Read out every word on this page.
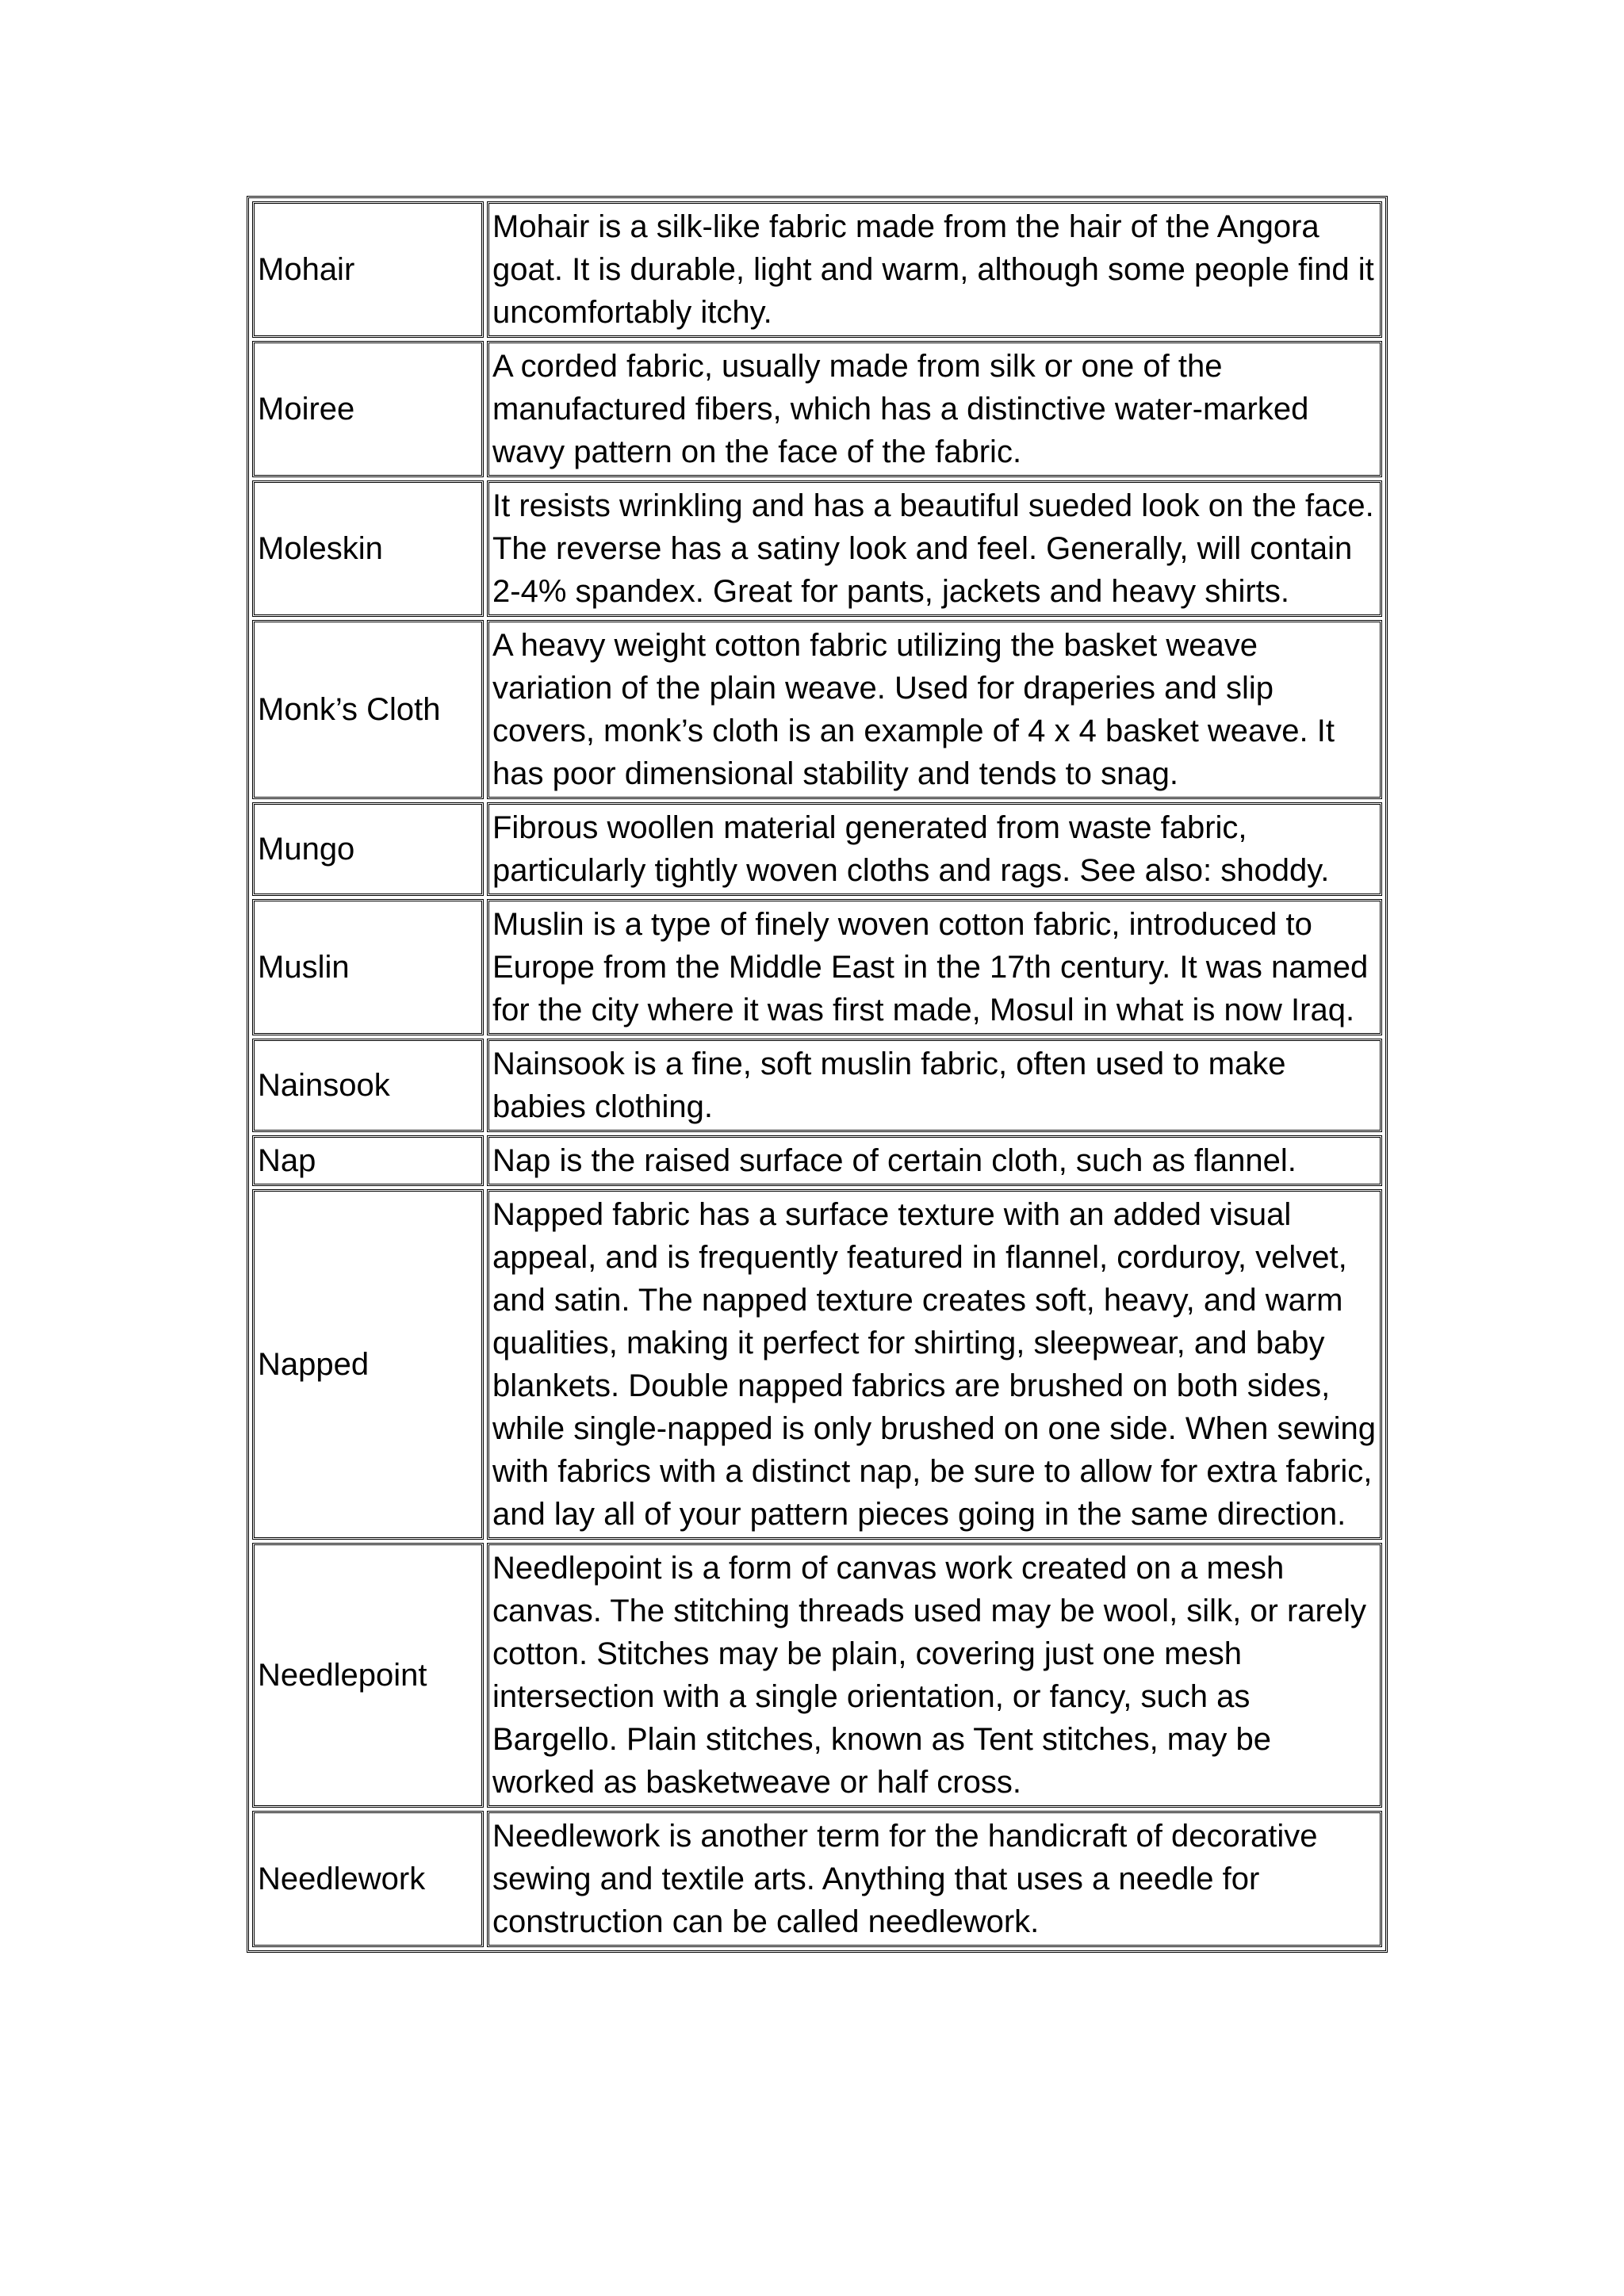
Mohair	Mohair is a silk-like fabric made from the hair of the Angora goat. It is durable, light and warm, although some people find it uncomfortably itchy.
Moiree	A corded fabric, usually made from silk or one of the manufactured fibers, which has a distinctive water-marked wavy pattern on the face of the fabric.
Moleskin	It resists wrinkling and has a beautiful sueded look on the face. The reverse has a satiny look and feel. Generally, will contain 2-4% spandex. Great for pants, jackets and heavy shirts.
Monk’s Cloth	A heavy weight cotton fabric utilizing the basket weave variation of the plain weave. Used for draperies and slip covers, monk’s cloth is an example of 4 x 4 basket weave. It has poor dimensional stability and tends to snag.
Mungo	Fibrous woollen material generated from waste fabric, particularly tightly woven cloths and rags. See also: shoddy.
Muslin	Muslin is a type of finely woven cotton fabric, introduced to Europe from the Middle East in the 17th century. It was named for the city where it was first made, Mosul in what is now Iraq.
Nainsook	Nainsook is a fine, soft muslin fabric, often used to make babies clothing.
Nap	Nap is the raised surface of certain cloth, such as flannel.
Napped	Napped fabric has a surface texture with an added visual appeal, and is frequently featured in flannel, corduroy, velvet, and satin. The napped texture creates soft, heavy, and warm qualities, making it perfect for shirting, sleepwear, and baby blankets. Double napped fabrics are brushed on both sides, while single-napped is only brushed on one side. When sewing with fabrics with a distinct nap, be sure to allow for extra fabric, and lay all of your pattern pieces going in the same direction.
Needlepoint	Needlepoint is a form of canvas work created on a mesh canvas. The stitching threads used may be wool, silk, or rarely cotton. Stitches may be plain, covering just one mesh intersection with a single orientation, or fancy, such as Bargello. Plain stitches, known as Tent stitches, may be worked as basketweave or half cross.
Needlework	Needlework is another term for the handicraft of decorative sewing and textile arts. Anything that uses a needle for construction can be called needlework.
